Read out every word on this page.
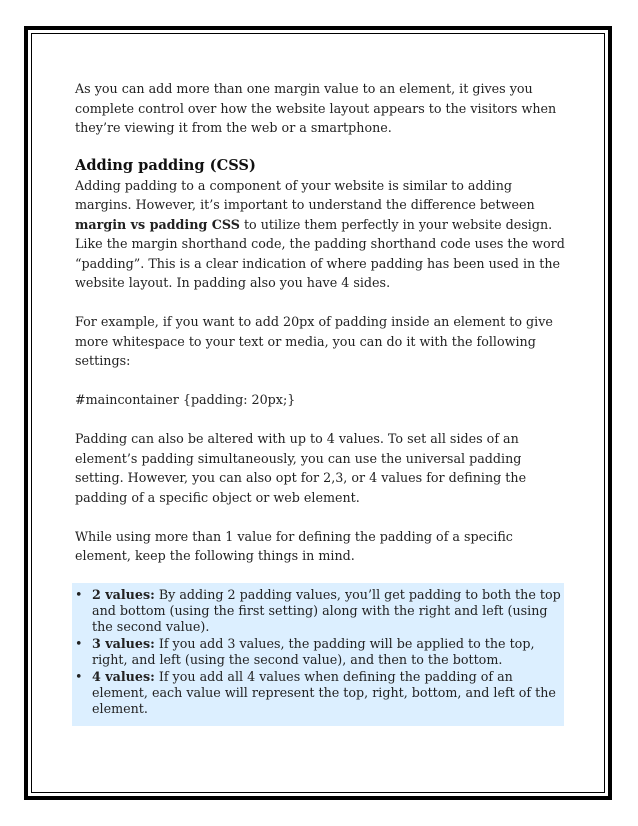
As you can add more than one margin value to an element, it gives you complete control over how the website layout appears to the visitors when they’re viewing it from the web or a smartphone.

Adding padding (CSS)

Adding padding to a component of your website is similar to adding margins. However, it’s important to understand the difference between margin vs padding CSS to utilize them perfectly in your website design.

Like the margin shorthand code, the padding shorthand code uses the word “padding”. This is a clear indication of where padding has been used in the website layout. In padding also you have 4 sides.

For example, if you want to add 20px of padding inside an element to give more whitespace to your text or media, you can do it with the following settings:

#maincontainer {padding: 20px;}

Padding can also be altered with up to 4 values. To set all sides of an element’s padding simultaneously, you can use the universal padding setting. However, you can also opt for 2,3, or 4 values for defining the padding of a specific object or web element.

While using more than 1 value for defining the padding of a specific element, keep the following things in mind.

• 2 values: By adding 2 padding values, you’ll get padding to both the top and bottom (using the first setting) along with the right and left (using the second value).
• 3 values: If you add 3 values, the padding will be applied to the top, right, and left (using the second value), and then to the bottom.
• 4 values: If you add all 4 values when defining the padding of an element, each value will represent the top, right, bottom, and left of the element.
